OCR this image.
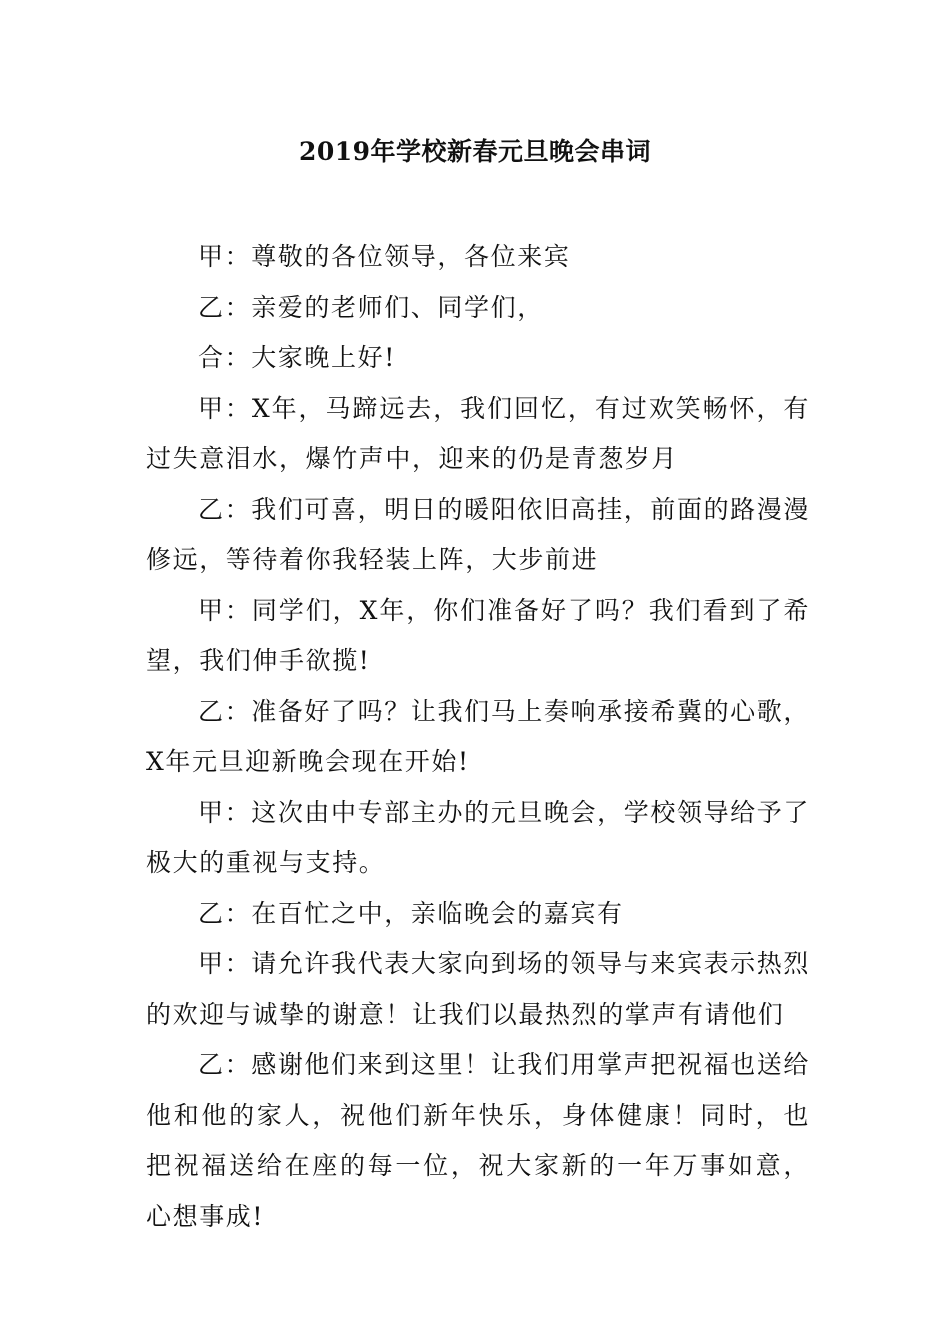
2019年学校新春元旦晚会串词

甲：尊敬的各位领导，各位来宾

乙：亲爱的老师们、同学们，

合：大家晚上好!

甲：X年，马蹄远去，我们回忆，有过欢笑畅怀，有过失意泪水，爆竹声中，迎来的仍是青葱岁月

乙：我们可喜，明日的暖阳依旧高挂，前面的路漫漫修远，等待着你我轻装上阵，大步前进

甲：同学们，X年，你们准备好了吗？我们看到了希望，我们伸手欲揽!

乙：准备好了吗？让我们马上奏响承接希冀的心歌，X年元旦迎新晚会现在开始!

甲：这次由中专部主办的元旦晚会，学校领导给予了极大的重视与支持。

乙：在百忙之中，亲临晚会的嘉宾有

甲：请允许我代表大家向到场的领导与来宾表示热烈的欢迎与诚挚的谢意！让我们以最热烈的掌声有请他们

乙：感谢他们来到这里！让我们用掌声把祝福也送给他和他的家人，祝他们新年快乐，身体健康！同时，也把祝福送给在座的每一位，祝大家新的一年万事如意，心想事成!
